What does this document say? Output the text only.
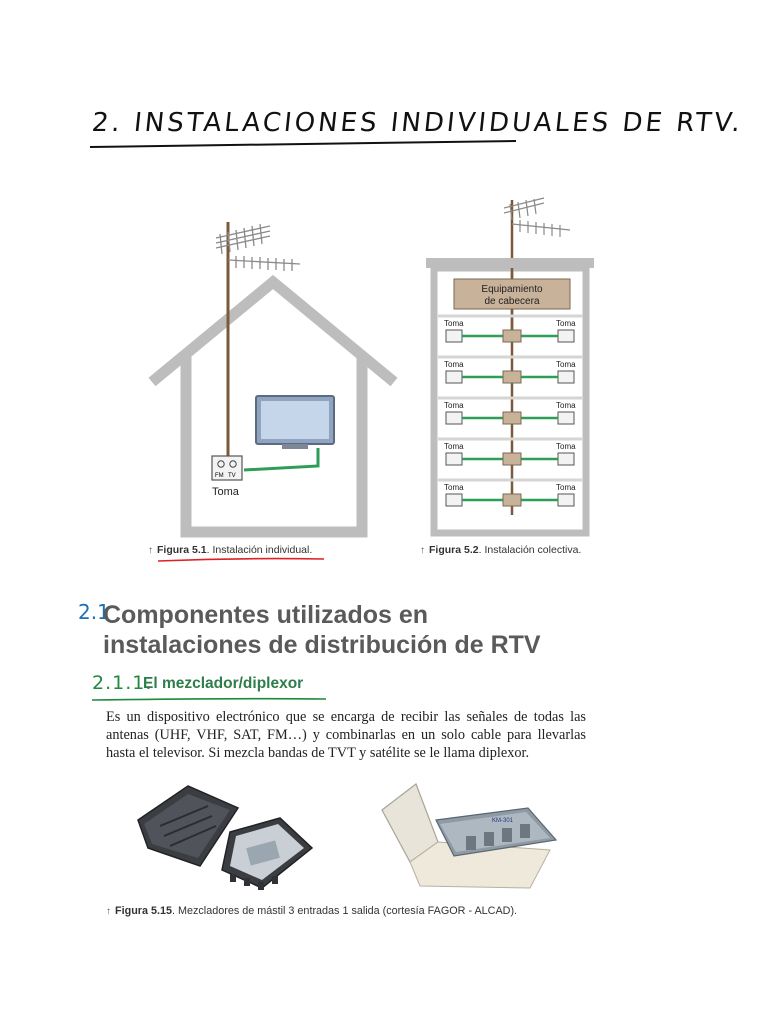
2. INSTALACIONES INDIVIDUALES DE RTV.
FM TV
Toma
↑ Figura 5.1. Instalación individual.
Equipamiento
de cabecera
Toma	Toma
Toma	Toma
Toma	Toma
Toma	Toma
Toma	Toma
↑ Figura 5.2. Instalación colectiva.
2.1
Componentes utilizados en
instalaciones de distribución de RTV
2.1.1.
El mezclador/diplexor
Es un dispositivo electrónico que se encarga de recibir las señales de todas las antenas (UHF, VHF, SAT, FM…) y combinarlas en un solo cable para llevarlas hasta el televisor. Si mezcla bandas de TVT y satélite se le llama diplexor.
KM-301
↑ Figura 5.15. Mezcladores de mástil 3 entradas 1 salida (cortesía FAGOR - ALCAD).
